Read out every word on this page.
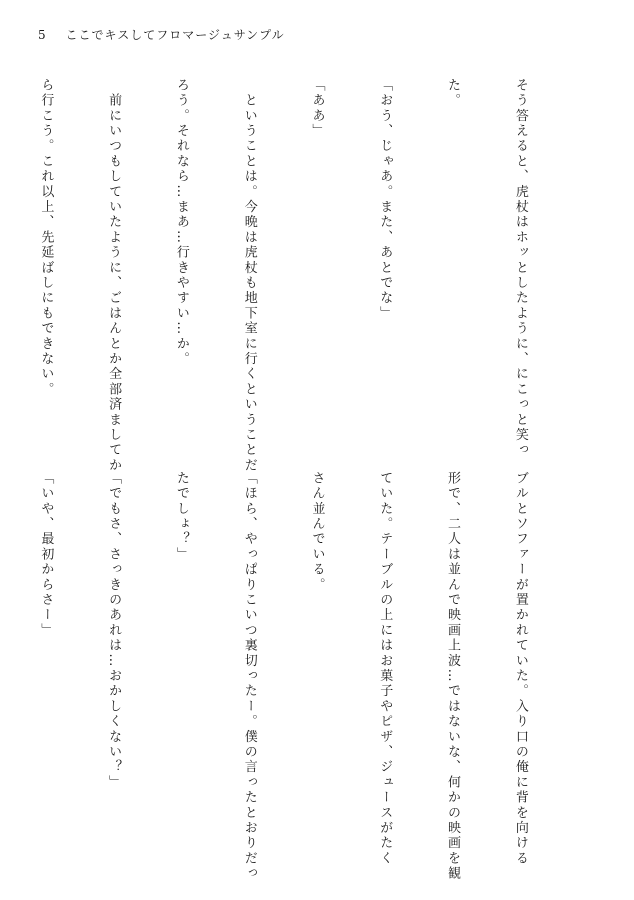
5 ここでキスしてフロマージュサンプル

そう答えると、虎杖はホッとしたように、にこっと笑っ

た。

「おう、じゃあ。また、あとでな」

「ああ」

　ということは。今晩は虎杖も地下室に行くということだ

ろう。それなら…まあ…行きやすい…か。

　前にいつもしていたように、ごはんとか全部済ましてか

ら行こう。これ以上、先延ばしにもできない。

ブルとソファーが置かれていた。入り口の俺に背を向ける

形で、二人は並んで映画上波…ではないな、何かの映画を観

ていた。テーブルの上にはお菓子やピザ、ジュースがたく

さん並んでいる。

「ほら、やっぱりこいつ裏切ったー。僕の言ったとおりだっ

たでしょ？」

「でもさ、さっきのあれは…おかしくない？」

「いや、最初からさー」
